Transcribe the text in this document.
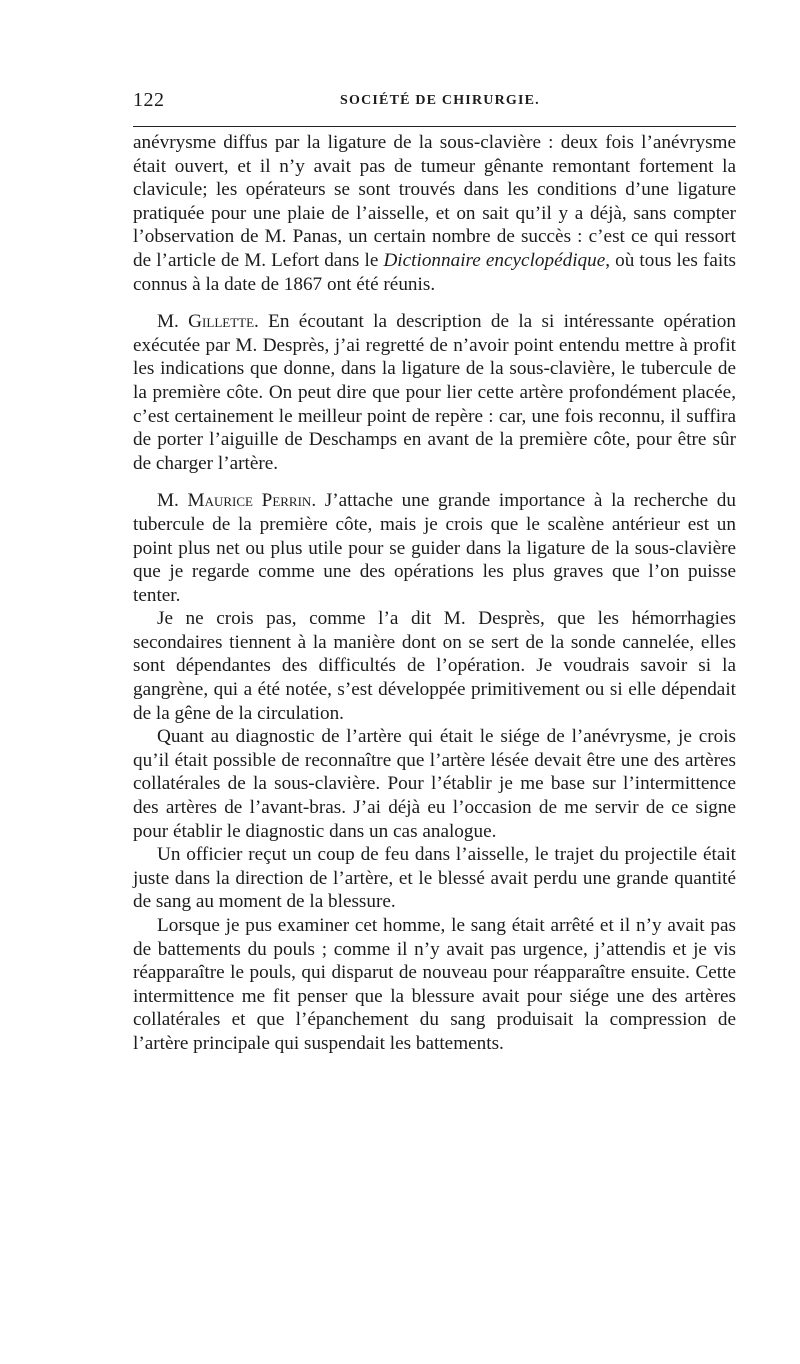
122	SOCIÉTÉ DE CHIRURGIE.

anévrysme diffus par la ligature de la sous-clavière : deux fois l’anévrysme était ouvert, et il n’y avait pas de tumeur gênante remontant fortement la clavicule; les opérateurs se sont trouvés dans les conditions d’une ligature pratiquée pour une plaie de l’aisselle, et on sait qu’il y a déjà, sans compter l’observation de M. Panas, un certain nombre de succès : c’est ce qui ressort de l’article de M. Lefort dans le Dictionnaire encyclopédique, où tous les faits connus à la date de 1867 ont été réunis.

M. Gillette. En écoutant la description de la si intéressante opération exécutée par M. Desprès, j’ai regretté de n’avoir point entendu mettre à profit les indications que donne, dans la ligature de la sous-clavière, le tubercule de la première côte. On peut dire que pour lier cette artère profondément placée, c’est certainement le meilleur point de repère : car, une fois reconnu, il suffira de porter l’aiguille de Deschamps en avant de la première côte, pour être sûr de charger l’artère.

M. Maurice Perrin. J’attache une grande importance à la recherche du tubercule de la première côte, mais je crois que le scalène antérieur est un point plus net ou plus utile pour se guider dans la ligature de la sous-clavière que je regarde comme une des opérations les plus graves que l’on puisse tenter.

Je ne crois pas, comme l’a dit M. Desprès, que les hémorrhagies secondaires tiennent à la manière dont on se sert de la sonde cannelée, elles sont dépendantes des difficultés de l’opération. Je voudrais savoir si la gangrène, qui a été notée, s’est développée primitivement ou si elle dépendait de la gêne de la circulation.

Quant au diagnostic de l’artère qui était le siége de l’anévrysme, je crois qu’il était possible de reconnaître que l’artère lésée devait être une des artères collatérales de la sous-clavière. Pour l’établir je me base sur l’intermittence des artères de l’avant-bras. J’ai déjà eu l’occasion de me servir de ce signe pour établir le diagnostic dans un cas analogue.

Un officier reçut un coup de feu dans l’aisselle, le trajet du projectile était juste dans la direction de l’artère, et le blessé avait perdu une grande quantité de sang au moment de la blessure.

Lorsque je pus examiner cet homme, le sang était arrêté et il n’y avait pas de battements du pouls ; comme il n’y avait pas urgence, j’attendis et je vis réapparaître le pouls, qui disparut de nouveau pour réapparaître ensuite. Cette intermittence me fit penser que la blessure avait pour siége une des artères collatérales et que l’épanchement du sang produisait la compression de l’artère principale qui suspendait les battements.
